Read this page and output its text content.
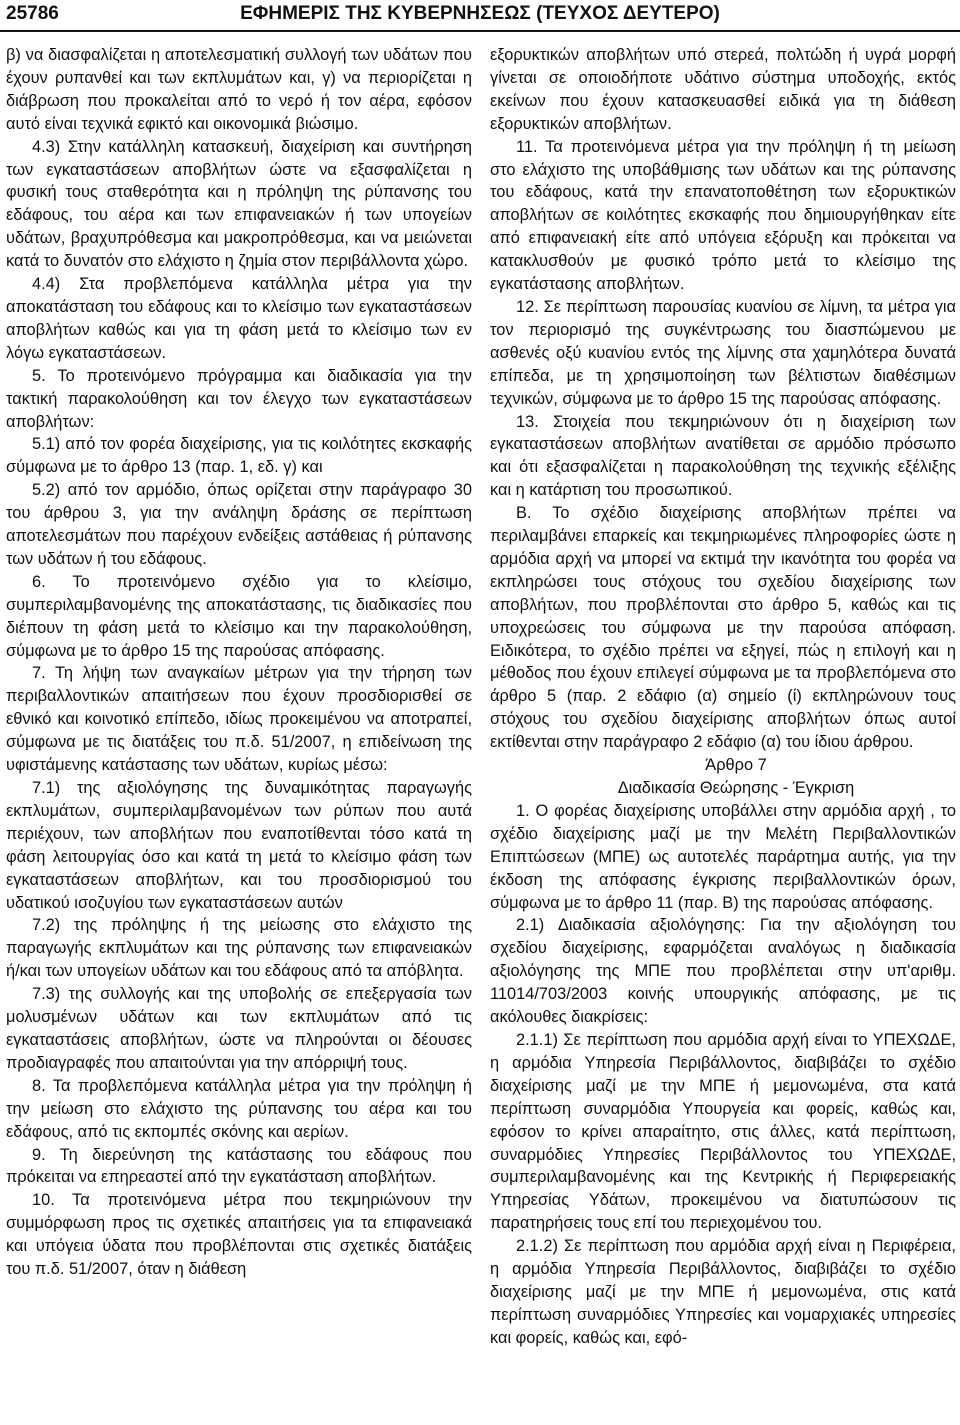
25786	ΕΦΗΜΕΡΙΣ ΤΗΣ ΚΥΒΕΡΝΗΣΕΩΣ (ΤΕΥΧΟΣ ΔΕΥΤΕΡΟ)

β) να διασφαλίζεται η αποτελεσματική συλλογή των υδάτων που έχουν ρυπανθεί και των εκπλυμάτων και, γ) να περιορίζεται η διάβρωση που προκαλείται από το νερό ή τον αέρα, εφόσον αυτό είναι τεχνικά εφικτό και οικονομικά βιώσιμο.

4.3) Στην κατάλληλη κατασκευή, διαχείριση και συντήρηση των εγκαταστάσεων αποβλήτων ώστε να εξασφαλίζεται η φυσική τους σταθερότητα και η πρόληψη της ρύπανσης του εδάφους, του αέρα και των επιφανειακών ή των υπογείων υδάτων, βραχυπρόθεσμα και μακροπρόθεσμα, και να μειώνεται κατά το δυνατόν στο ελάχιστο η ζημία στον περιβάλλοντα χώρο.

4.4) Στα προβλεπόμενα κατάλληλα μέτρα για την αποκατάσταση του εδάφους και το κλείσιμο των εγκαταστάσεων αποβλήτων καθώς και για τη φάση μετά το κλείσιμο των εν λόγω εγκαταστάσεων.

5. Το προτεινόμενο πρόγραμμα και διαδικασία για την τακτική παρακολούθηση και τον έλεγχο των εγκαταστάσεων αποβλήτων:

5.1) από τον φορέα διαχείρισης, για τις κοιλότητες εκσκαφής σύμφωνα με το άρθρο 13 (παρ. 1, εδ. γ) και

5.2) από τον αρμόδιο, όπως ορίζεται στην παράγραφο 30 του άρθρου 3, για την ανάληψη δράσης σε περίπτωση αποτελεσμάτων που παρέχουν ενδείξεις αστάθειας ή ρύπανσης των υδάτων ή του εδάφους.

6. Το προτεινόμενο σχέδιο για το κλείσιμο, συμπεριλαμβανομένης της αποκατάστασης, τις διαδικασίες που διέπουν τη φάση μετά το κλείσιμο και την παρακολούθηση, σύμφωνα με το άρθρο 15 της παρούσας απόφασης.

7. Τη λήψη των αναγκαίων μέτρων για την τήρηση των περιβαλλοντικών απαιτήσεων που έχουν προσδιορισθεί σε εθνικό και κοινοτικό επίπεδο, ιδίως προκειμένου να αποτραπεί, σύμφωνα με τις διατάξεις του π.δ. 51/2007, η επιδείνωση της υφιστάμενης κατάστασης των υδάτων, κυρίως μέσω:

7.1) της αξιολόγησης της δυναμικότητας παραγωγής εκπλυμάτων, συμπεριλαμβανομένων των ρύπων που αυτά περιέχουν, των αποβλήτων που εναποτίθενται τόσο κατά τη φάση λειτουργίας όσο και κατά τη μετά το κλείσιμο φάση των εγκαταστάσεων αποβλήτων, και του προσδιορισμού του υδατικού ισοζυγίου των εγκαταστάσεων αυτών

7.2) της πρόληψης ή της μείωσης στο ελάχιστο της παραγωγής εκπλυμάτων και της ρύπανσης των επιφανειακών ή/και των υπογείων υδάτων και του εδάφους από τα απόβλητα.

7.3) της συλλογής και της υποβολής σε επεξεργασία των μολυσμένων υδάτων και των εκπλυμάτων από τις εγκαταστάσεις αποβλήτων, ώστε να πληρούνται οι δέουσες προδιαγραφές που απαιτούνται για την απόρριψή τους.

8. Τα προβλεπόμενα κατάλληλα μέτρα για την πρόληψη ή την μείωση στο ελάχιστο της ρύπανσης του αέρα και του εδάφους, από τις εκπομπές σκόνης και αερίων.

9. Τη διερεύνηση της κατάστασης του εδάφους που πρόκειται να επηρεαστεί από την εγκατάσταση αποβλήτων.

10. Τα προτεινόμενα μέτρα που τεκμηριώνουν την συμμόρφωση προς τις σχετικές απαιτήσεις για τα επιφανειακά και υπόγεια ύδατα που προβλέπονται στις σχετικές διατάξεις του π.δ. 51/2007, όταν η διάθεση

εξορυκτικών αποβλήτων υπό στερεά, πολτώδη ή υγρά μορφή γίνεται σε οποιοδήποτε υδάτινο σύστημα υποδοχής, εκτός εκείνων που έχουν κατασκευασθεί ειδικά για τη διάθεση εξορυκτικών αποβλήτων.

11. Τα προτεινόμενα μέτρα για την πρόληψη ή τη μείωση στο ελάχιστο της υποβάθμισης των υδάτων και της ρύπανσης του εδάφους, κατά την επανατοποθέτηση των εξορυκτικών αποβλήτων σε κοιλότητες εκσκαφής που δημιουργήθηκαν είτε από επιφανειακή είτε από υπόγεια εξόρυξη και πρόκειται να κατακλυσθούν με φυσικό τρόπο μετά το κλείσιμο της εγκατάστασης αποβλήτων.

12. Σε περίπτωση παρουσίας κυανίου σε λίμνη, τα μέτρα για τον περιορισμό της συγκέντρωσης του διασπώμενου με ασθενές οξύ κυανίου εντός της λίμνης στα χαμηλότερα δυνατά επίπεδα, με τη χρησιμοποίηση των βέλτιστων διαθέσιμων τεχνικών, σύμφωνα με το άρθρο 15 της παρούσας απόφασης.

13. Στοιχεία που τεκμηριώνουν ότι η διαχείριση των εγκαταστάσεων αποβλήτων ανατίθεται σε αρμόδιο πρόσωπο και ότι εξασφαλίζεται η παρακολούθηση της τεχνικής εξέλιξης και η κατάρτιση του προσωπικού.

Β. Το σχέδιο διαχείρισης αποβλήτων πρέπει να περιλαμβάνει επαρκείς και τεκμηριωμένες πληροφορίες ώστε η αρμόδια αρχή να μπορεί να εκτιμά την ικανότητα του φορέα να εκπληρώσει τους στόχους του σχεδίου διαχείρισης των αποβλήτων, που προβλέπονται στο άρθρο 5, καθώς και τις υποχρεώσεις του σύμφωνα με την παρούσα απόφαση. Ειδικότερα, το σχέδιο πρέπει να εξηγεί, πώς η επιλογή και η μέθοδος που έχουν επιλεγεί σύμφωνα με τα προβλεπόμενα στο άρθρο 5 (παρ. 2 εδάφιο (α) σημείο (ί) εκπληρώνουν τους στόχους του σχεδίου διαχείρισης αποβλήτων όπως αυτοί εκτίθενται στην παράγραφο 2 εδάφιο (α) του ίδιου άρθρου.

Άρθρο 7

Διαδικασία Θεώρησης - Έγκριση

1. Ο φορέας διαχείρισης υποβάλλει στην αρμόδια αρχή , το σχέδιο διαχείρισης μαζί με την Μελέτη Περιβαλλοντικών Επιπτώσεων (ΜΠΕ) ως αυτοτελές παράρτημα αυτής, για την έκδοση της απόφασης έγκρισης περιβαλλοντικών όρων, σύμφωνα με το άρθρο 11 (παρ. Β) της παρούσας απόφασης.

2.1) Διαδικασία αξιολόγησης: Για την αξιολόγηση του σχεδίου διαχείρισης, εφαρμόζεται αναλόγως η διαδικασία αξιολόγησης της ΜΠΕ που προβλέπεται στην υπ'αριθμ. 11014/703/2003 κοινής υπουργικής απόφασης, με τις ακόλουθες διακρίσεις:

2.1.1) Σε περίπτωση που αρμόδια αρχή είναι το ΥΠΕΧΩΔΕ, η αρμόδια Υπηρεσία Περιβάλλοντος, διαβιβάζει το σχέδιο διαχείρισης μαζί με την ΜΠΕ ή μεμονωμένα, στα κατά περίπτωση συναρμόδια Υπουργεία και φορείς, καθώς και, εφόσον το κρίνει απαραίτητο, στις άλλες, κατά περίπτωση, συναρμόδιες Υπηρεσίες Περιβάλλοντος του ΥΠΕΧΩΔΕ, συμπεριλαμβανομένης και της Κεντρικής ή Περιφερειακής Υπηρεσίας Υδάτων, προκειμένου να διατυπώσουν τις παρατηρήσεις τους επί του περιεχομένου του.

2.1.2) Σε περίπτωση που αρμόδια αρχή είναι η Περιφέρεια, η αρμόδια Υπηρεσία Περιβάλλοντος, διαβιβάζει το σχέδιο διαχείρισης μαζί με την ΜΠΕ ή μεμονωμένα, στις κατά περίπτωση συναρμόδιες Υπηρεσίες και νομαρχιακές υπηρεσίες και φορείς, καθώς και, εφό-
